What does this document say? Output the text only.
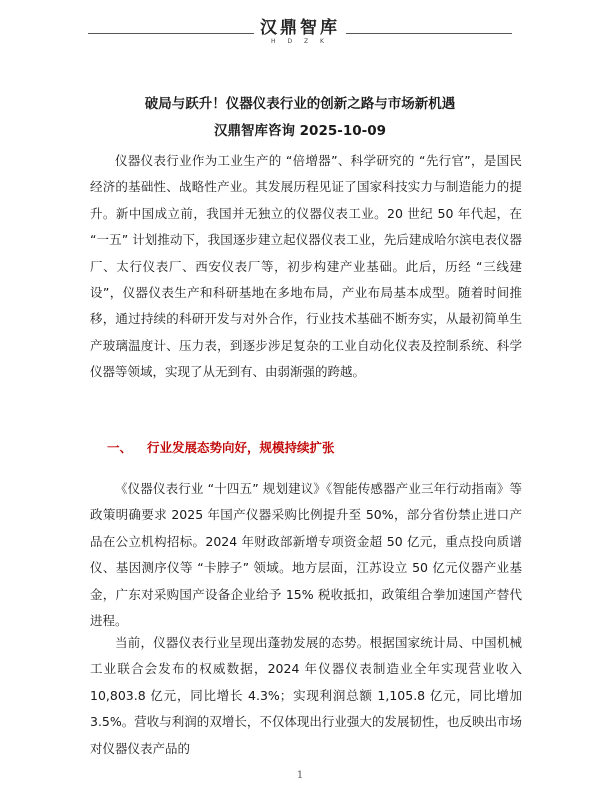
汉鼎智库
H D Z K
破局与跃升！仪器仪表行业的创新之路与市场新机遇
汉鼎智库咨询 2025-10-09

仪器仪表行业作为工业生产的 “倍增器”、科学研究的 “先行官”，是国民经济的基础性、战略性产业。其发展历程见证了国家科技实力与制造能力的提升。新中国成立前，我国并无独立的仪器仪表工业。20 世纪 50 年代起，在 “一五” 计划推动下，我国逐步建立起仪器仪表工业，先后建成哈尔滨电表仪器厂、太行仪表厂、西安仪表厂等，初步构建产业基础。此后，历经 “三线建设”，仪器仪表生产和科研基地在多地布局，产业布局基本成型。随着时间推移，通过持续的科研开发与对外合作，行业技术基础不断夯实，从最初简单生产玻璃温度计、压力表，到逐步涉足复杂的工业自动化仪表及控制系统、科学仪器等领域，实现了从无到有、由弱渐强的跨越。

一、 行业发展态势向好，规模持续扩张

《仪器仪表行业 “十四五” 规划建议》《智能传感器产业三年行动指南》等政策明确要求 2025 年国产仪器采购比例提升至 50%，部分省份禁止进口产品在公立机构招标。2024 年财政部新增专项资金超 50 亿元，重点投向质谱仪、基因测序仪等 “卡脖子” 领域。地方层面，江苏设立 50 亿元仪器产业基金，广东对采购国产设备企业给予 15% 税收抵扣，政策组合拳加速国产替代进程。

当前，仪器仪表行业呈现出蓬勃发展的态势。根据国家统计局、中国机械工业联合会发布的权威数据，2024 年仪器仪表制造业全年实现营业收入 10,803.8 亿元，同比增长 4.3%；实现利润总额 1,105.8 亿元，同比增加 3.5%。营收与利润的双增长，不仅体现出行业强大的发展韧性，也反映出市场对仪器仪表产品的

1
